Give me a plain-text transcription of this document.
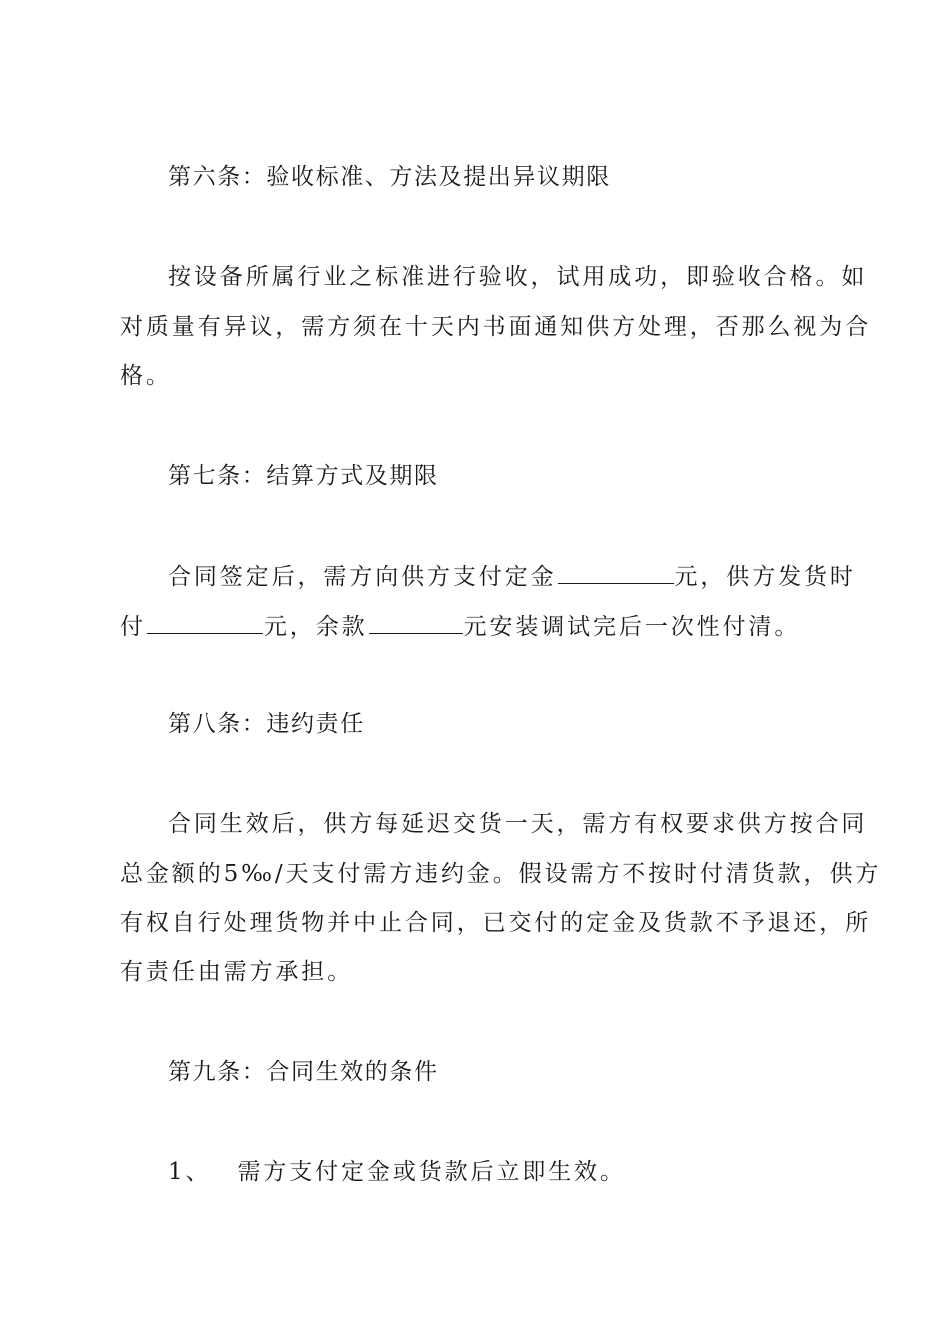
第六条：验收标准、方法及提出异议期限
按设备所属行业之标准进行验收，试用成功，即验收合格。如
对质量有异议，需方须在十天内书面通知供方处理，否那么视为合
格。
第七条：结算方式及期限
合同签定后，需方向供方支付定金	元，供方发货时
付	元，余款	元安装调试完后一次性付清。
第八条：违约责任
合同生效后，供方每延迟交货一天，需方有权要求供方按合同
总金额的5‰/天支付需方违约金。假设需方不按时付清货款，供方
有权自行处理货物并中止合同，已交付的定金及货款不予退还，所
有责任由需方承担。
第九条：合同生效的条件
1、 需方支付定金或货款后立即生效。
